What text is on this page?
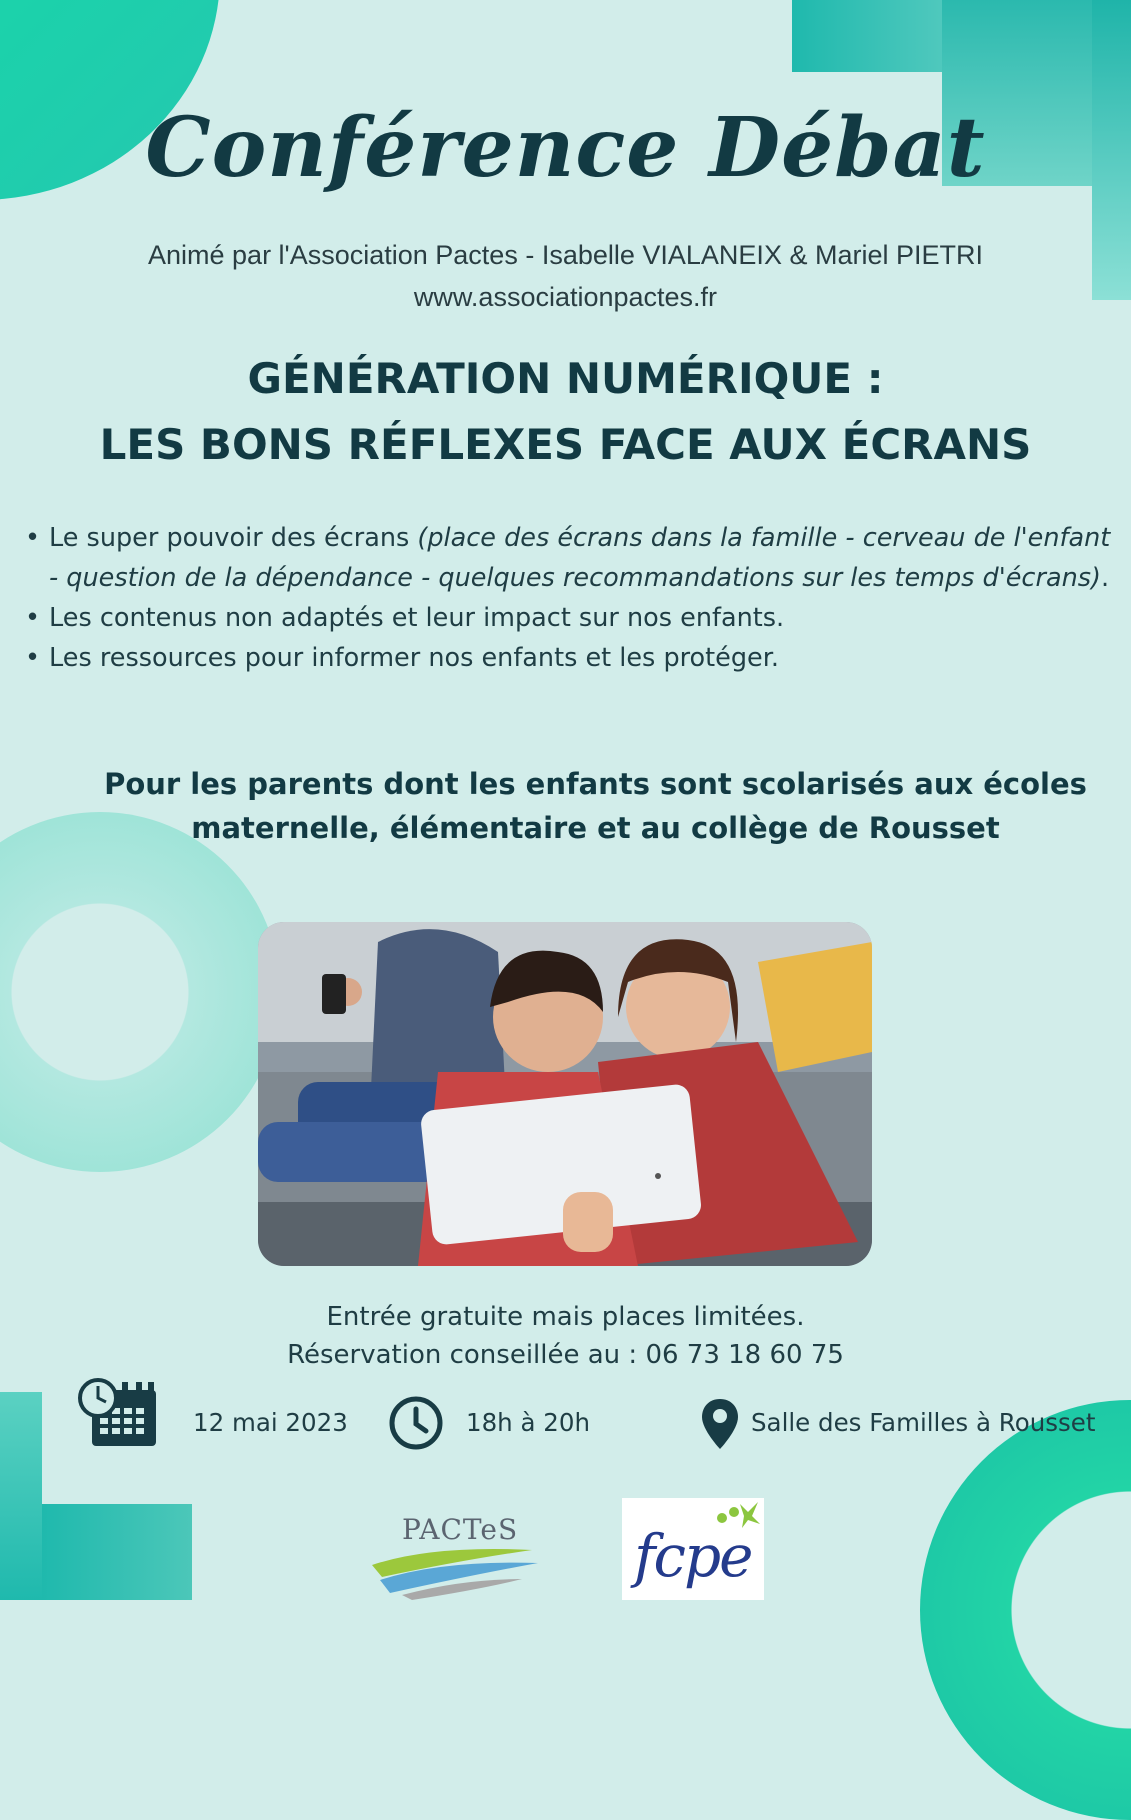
Conférence Débat
Animé par l'Association Pactes - Isabelle VIALANEIX & Mariel PIETRI
www.associationpactes.fr
GÉNÉRATION NUMÉRIQUE :
LES BONS RÉFLEXES FACE AUX ÉCRANS
• Le super pouvoir des écrans (place des écrans dans la famille - cerveau de l'enfant - question de la dépendance - quelques recommandations sur les temps d'écrans).
• Les contenus non adaptés et leur impact sur nos enfants.
• Les ressources pour informer nos enfants et les protéger.
Pour les parents dont les enfants sont scolarisés aux écoles
maternelle, élémentaire et au collège de Rousset
Entrée gratuite mais places limitées.
Réservation conseillée au : 06 73 18 60 75
12 mai 2023	18h à 20h	Salle des Familles à Rousset
PACTeS fcpe
